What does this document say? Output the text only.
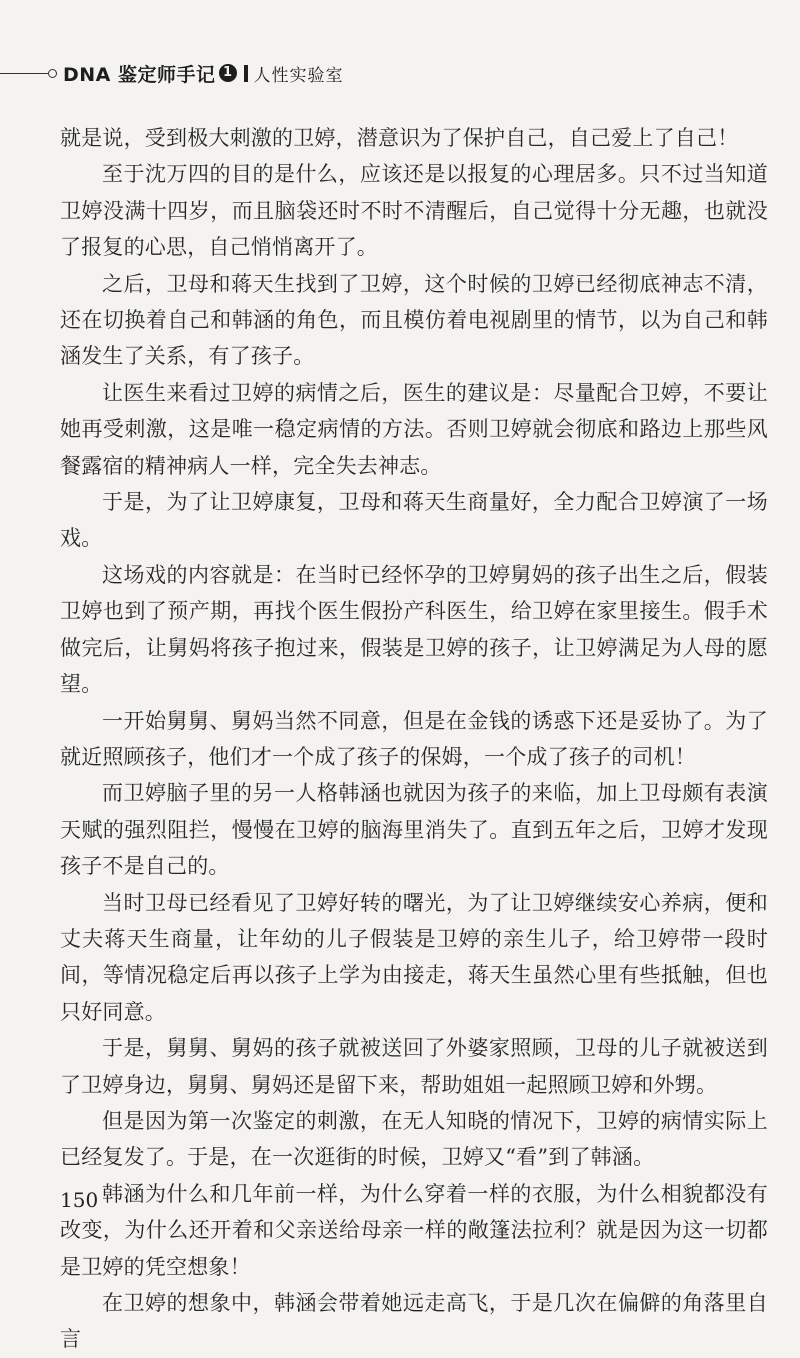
DNA 鉴定师手记 1 人性实验室

就是说，受到极大刺激的卫婷，潜意识为了保护自己，自己爱上了自己！

至于沈万四的目的是什么，应该还是以报复的心理居多。只不过当知道卫婷没满十四岁，而且脑袋还时不时不清醒后，自己觉得十分无趣，也就没了报复的心思，自己悄悄离开了。

之后，卫母和蒋天生找到了卫婷，这个时候的卫婷已经彻底神志不清，还在切换着自己和韩涵的角色，而且模仿着电视剧里的情节，以为自己和韩涵发生了关系，有了孩子。

让医生来看过卫婷的病情之后，医生的建议是：尽量配合卫婷，不要让她再受刺激，这是唯一稳定病情的方法。否则卫婷就会彻底和路边上那些风餐露宿的精神病人一样，完全失去神志。

于是，为了让卫婷康复，卫母和蒋天生商量好，全力配合卫婷演了一场戏。

这场戏的内容就是：在当时已经怀孕的卫婷舅妈的孩子出生之后，假装卫婷也到了预产期，再找个医生假扮产科医生，给卫婷在家里接生。假手术做完后，让舅妈将孩子抱过来，假装是卫婷的孩子，让卫婷满足为人母的愿望。

一开始舅舅、舅妈当然不同意，但是在金钱的诱惑下还是妥协了。为了就近照顾孩子，他们才一个成了孩子的保姆，一个成了孩子的司机！

而卫婷脑子里的另一人格韩涵也就因为孩子的来临，加上卫母颇有表演天赋的强烈阻拦，慢慢在卫婷的脑海里消失了。直到五年之后，卫婷才发现孩子不是自己的。

当时卫母已经看见了卫婷好转的曙光，为了让卫婷继续安心养病，便和丈夫蒋天生商量，让年幼的儿子假装是卫婷的亲生儿子，给卫婷带一段时间，等情况稳定后再以孩子上学为由接走，蒋天生虽然心里有些抵触，但也只好同意。

于是，舅舅、舅妈的孩子就被送回了外婆家照顾，卫母的儿子就被送到了卫婷身边，舅舅、舅妈还是留下来，帮助姐姐一起照顾卫婷和外甥。

但是因为第一次鉴定的刺激，在无人知晓的情况下，卫婷的病情实际上已经复发了。于是，在一次逛街的时候，卫婷又“看”到了韩涵。

韩涵为什么和几年前一样，为什么穿着一样的衣服，为什么相貌都没有改变，为什么还开着和父亲送给母亲一样的敞篷法拉利？就是因为这一切都是卫婷的凭空想象！

在卫婷的想象中，韩涵会带着她远走高飞，于是几次在偏僻的角落里自言

150
